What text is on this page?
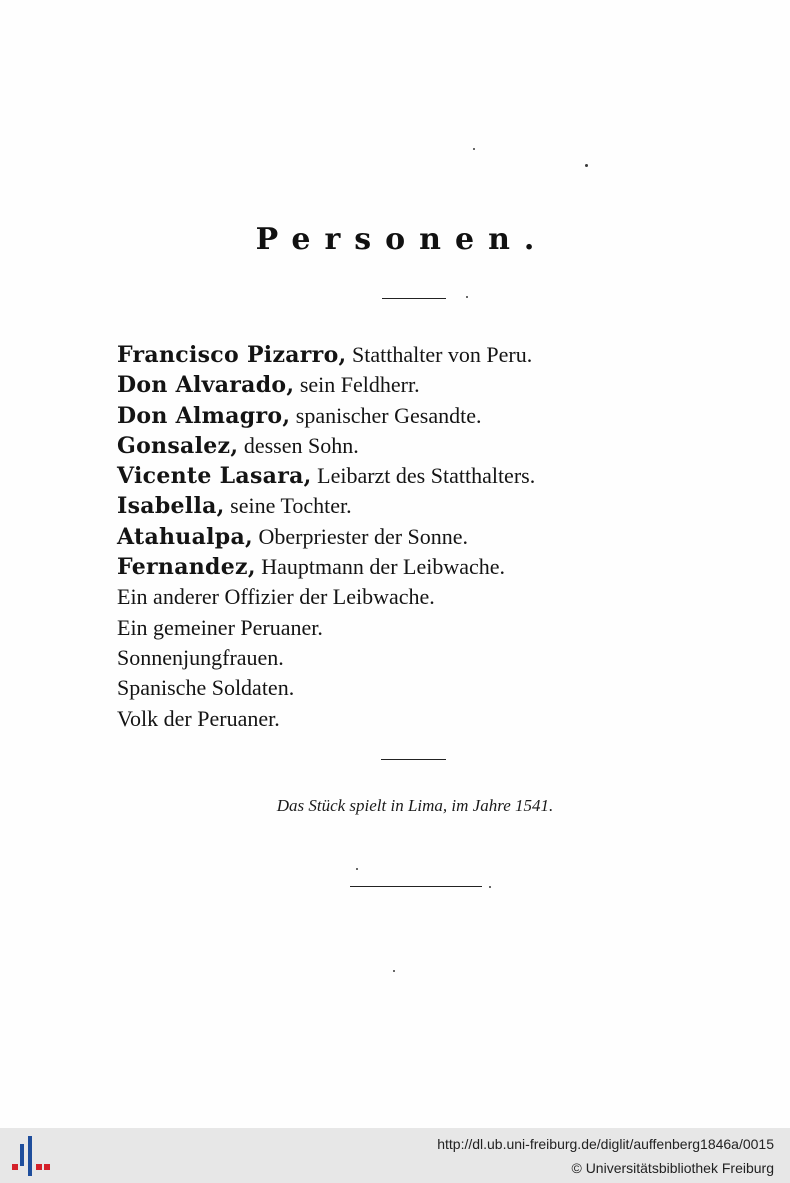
Personen.
Francisco Pizarro, Statthalter von Peru.
Don Alvarado, sein Feldherr.
Don Almagro, spanischer Gesandte.
Gonsalez, dessen Sohn.
Vicente Lasara, Leibarzt des Statthalters.
Isabella, seine Tochter.
Atahualpa, Oberpriester der Sonne.
Fernandez, Hauptmann der Leibwache.
Ein anderer Offizier der Leibwache.
Ein gemeiner Peruaner.
Sonnenjungfrauen.
Spanische Soldaten.
Volk der Peruaner.
Das Stück spielt in Lima, im Jahre 1541.
http://dl.ub.uni-freiburg.de/diglit/auffenberg1846a/0015
© Universitätsbibliothek Freiburg
